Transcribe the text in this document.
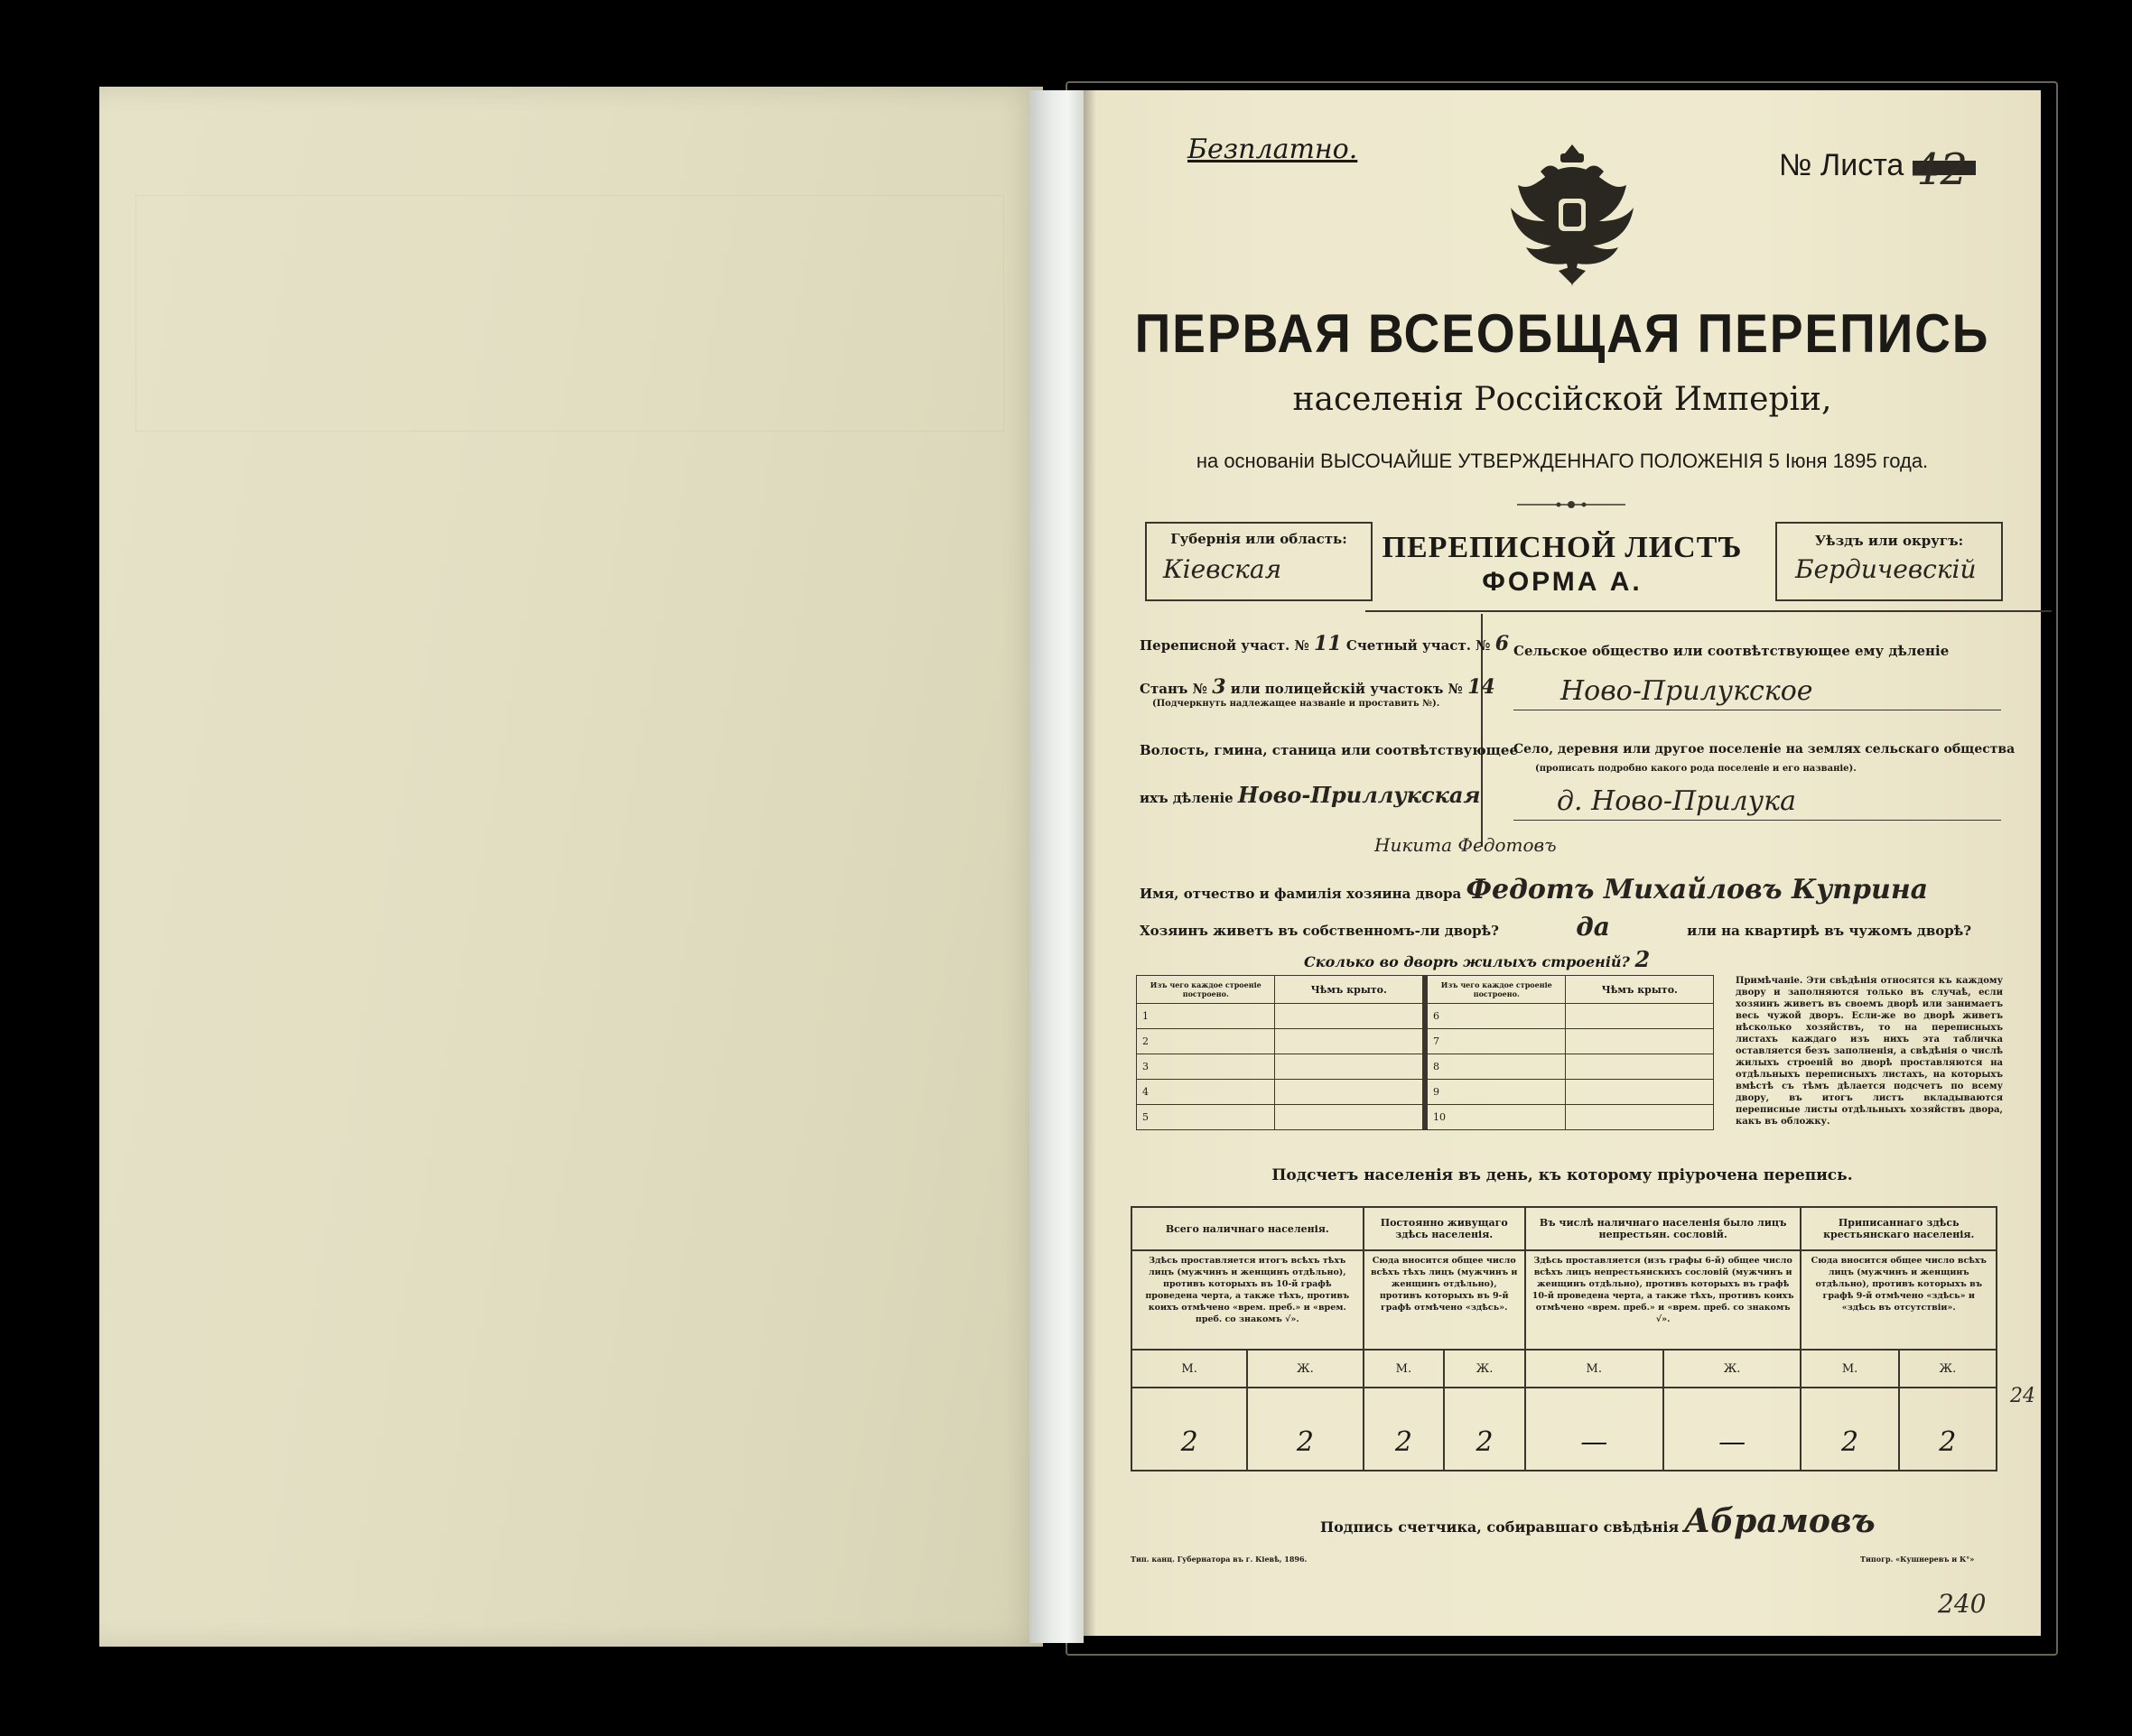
Безплатно.	№ Листа 42
ПЕРВАЯ ВСЕОБЩАЯ ПЕРЕПИСЬ
населенія Россійской Имперіи,
на основаніи ВЫСОЧАЙШЕ УТВЕРЖДЕННАГО ПОЛОЖЕНІЯ 5 Іюня 1895 года.
Губернія или область:
Кіевская
ПЕРЕПИСНОЙ ЛИСТЪ
ФОРМА А.
Уѣздъ или округъ:
Бердичевскій
Переписной участ. № 11 Счетный участ. № 6
Станъ № 3 или полицейскій участокъ № 14
(Подчеркнуть надлежащее названіе и проставить №).
Волость, гмина, станица или соотвѣтствующее
ихъ дѣленіе Ново-Приллукская
Сельское общество или соотвѣтствующее ему дѣленіе
Ново-Прилукское
Село, деревня или другое поселеніе на землях сельскаго общества
(прописать подробно какого рода поселеніе и его названіе).
д. Ново-Прилука
Никита Федотовъ
Имя, отчество и фамилія хозяина двора Федотъ Михайловъ Куприна
Хозяинъ живетъ въ собственномъ-ли дворѣ?	да	или на квартирѣ въ чужомъ дворѣ?
Сколько во дворѣ жилыхъ строеній? 2
Изъ чего каждое строеніе построено.	Чѣмъ крыто.	Изъ чего каждое строеніе построено.	Чѣмъ крыто.
1		6	
2		7	
3		8	
4		9	
5		10	
Примѣчаніе. Эти свѣдѣнія относятся къ каждому двору и заполняются только въ случаѣ, если хозяинъ живетъ въ своемъ дворѣ или занимаетъ весь чужой дворъ. Если-же во дворѣ живетъ нѣсколько хозяйствъ, то на переписныхъ листахъ каждаго изъ нихъ эта табличка оставляется безъ заполненія, а свѣдѣнія о числѣ жилыхъ строеній во дворѣ проставляются на отдѣльныхъ переписныхъ листахъ, на которыхъ вмѣстѣ съ тѣмъ дѣлается подсчетъ по всему двору, въ итогъ листъ вкладываются переписные листы отдѣльныхъ хозяйствъ двора, какъ въ обложку.
Подсчетъ населенія въ день, къ которому пріурочена перепись.
Всего наличнаго населенія.		Постоянно живущаго здѣсь населенія.		Въ числѣ наличнаго населенія было лицъ непрестьян. сословій.		Приписаннаго здѣсь крестьянскаго населенія.	
Здѣсь проставляется итогъ всѣхъ тѣхъ лицъ (мужчинъ и женщинъ отдѣльно), противъ которыхъ въ 10-й графѣ проведена черта, а также тѣхъ, противъ коихъ отмѣчено «врем. преб.» и «врем. преб. со знакомъ √».		Сюда вносится общее число всѣхъ тѣхъ лицъ (мужчинъ и женщинъ отдѣльно), противъ которыхъ въ 9-й графѣ отмѣчено «здѣсь».		Здѣсь проставляется (изъ графы 6-й) общее число всѣхъ лицъ непрестьянскихъ сословій (мужчинъ и женщинъ отдѣльно), противъ которыхъ въ графѣ 10-й проведена черта, а также тѣхъ, противъ коихъ отмѣчено «врем. преб.» и «врем. преб. со знакомъ √».		Сюда вносится общее число всѣхъ лицъ (мужчинъ и женщинъ отдѣльно), противъ которыхъ въ графѣ 9-й отмѣчено «здѣсь» и «здѣсь въ отсутствіи».	
М.	Ж.	М.	Ж.	М.	Ж.	М.	Ж.
2	2	2	2	—	—	2	2
24
Подпись счетчика, собиравшаго свѣдѣнія Абрамовъ
Тип. канц. Губернатора въ г. Кіевѣ, 1896.	Типогр. «Кушнеревъ и К°»
240
